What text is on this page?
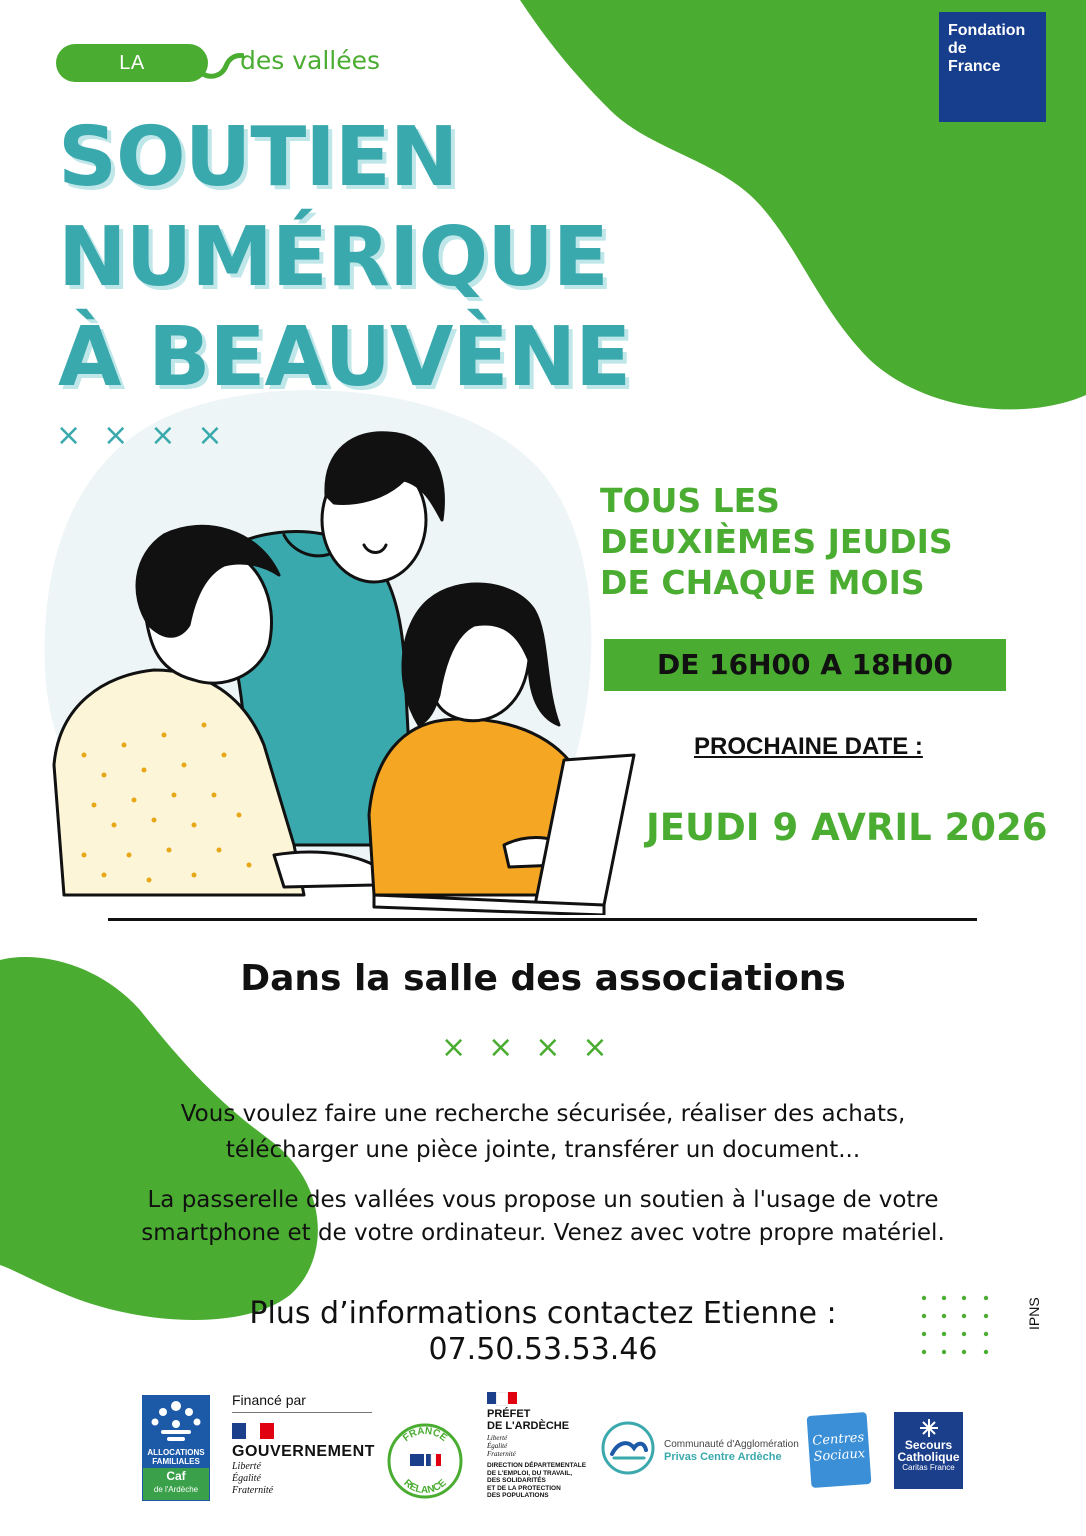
LA PASSERELLE
des vallées
Fondation
de
France
SOUTIEN
NUMÉRIQUE
À BEAUVÈNE
××××
TOUS LES
DEUXIÈMES JEUDIS
DE CHAQUE MOIS
DE 16H00 A 18H00
PROCHAINE DATE :
JEUDI 9 AVRIL 2026
Dans la salle des associations
××××
Vous voulez faire une recherche sécurisée, réaliser des achats,
télécharger une pièce jointe, transférer un document...
La passerelle des vallées vous propose un soutien à l'usage de votre
smartphone et de votre ordinateur. Venez avec votre propre matériel.
Plus d’informations contactez Etienne :
07.50.53.53.46
IPNS
ALLOCATIONS FAMILIALES
Caf
de l'Ardèche
Financé par
GOUVERNEMENT
Liberté
Égalité
Fraternité
FRANCE
RELANCE
PRÉFET
DE L'ARDÈCHE
Liberté
Égalité
Fraternité
DIRECTION DÉPARTEMENTALE
DE L'EMPLOI, DU TRAVAIL,
DES SOLIDARITÉS
ET DE LA PROTECTION
DES POPULATIONS
Communauté d'Agglomération
Privas Centre Ardèche
Centres
Sociaux
Secours
Catholique
Caritas France
